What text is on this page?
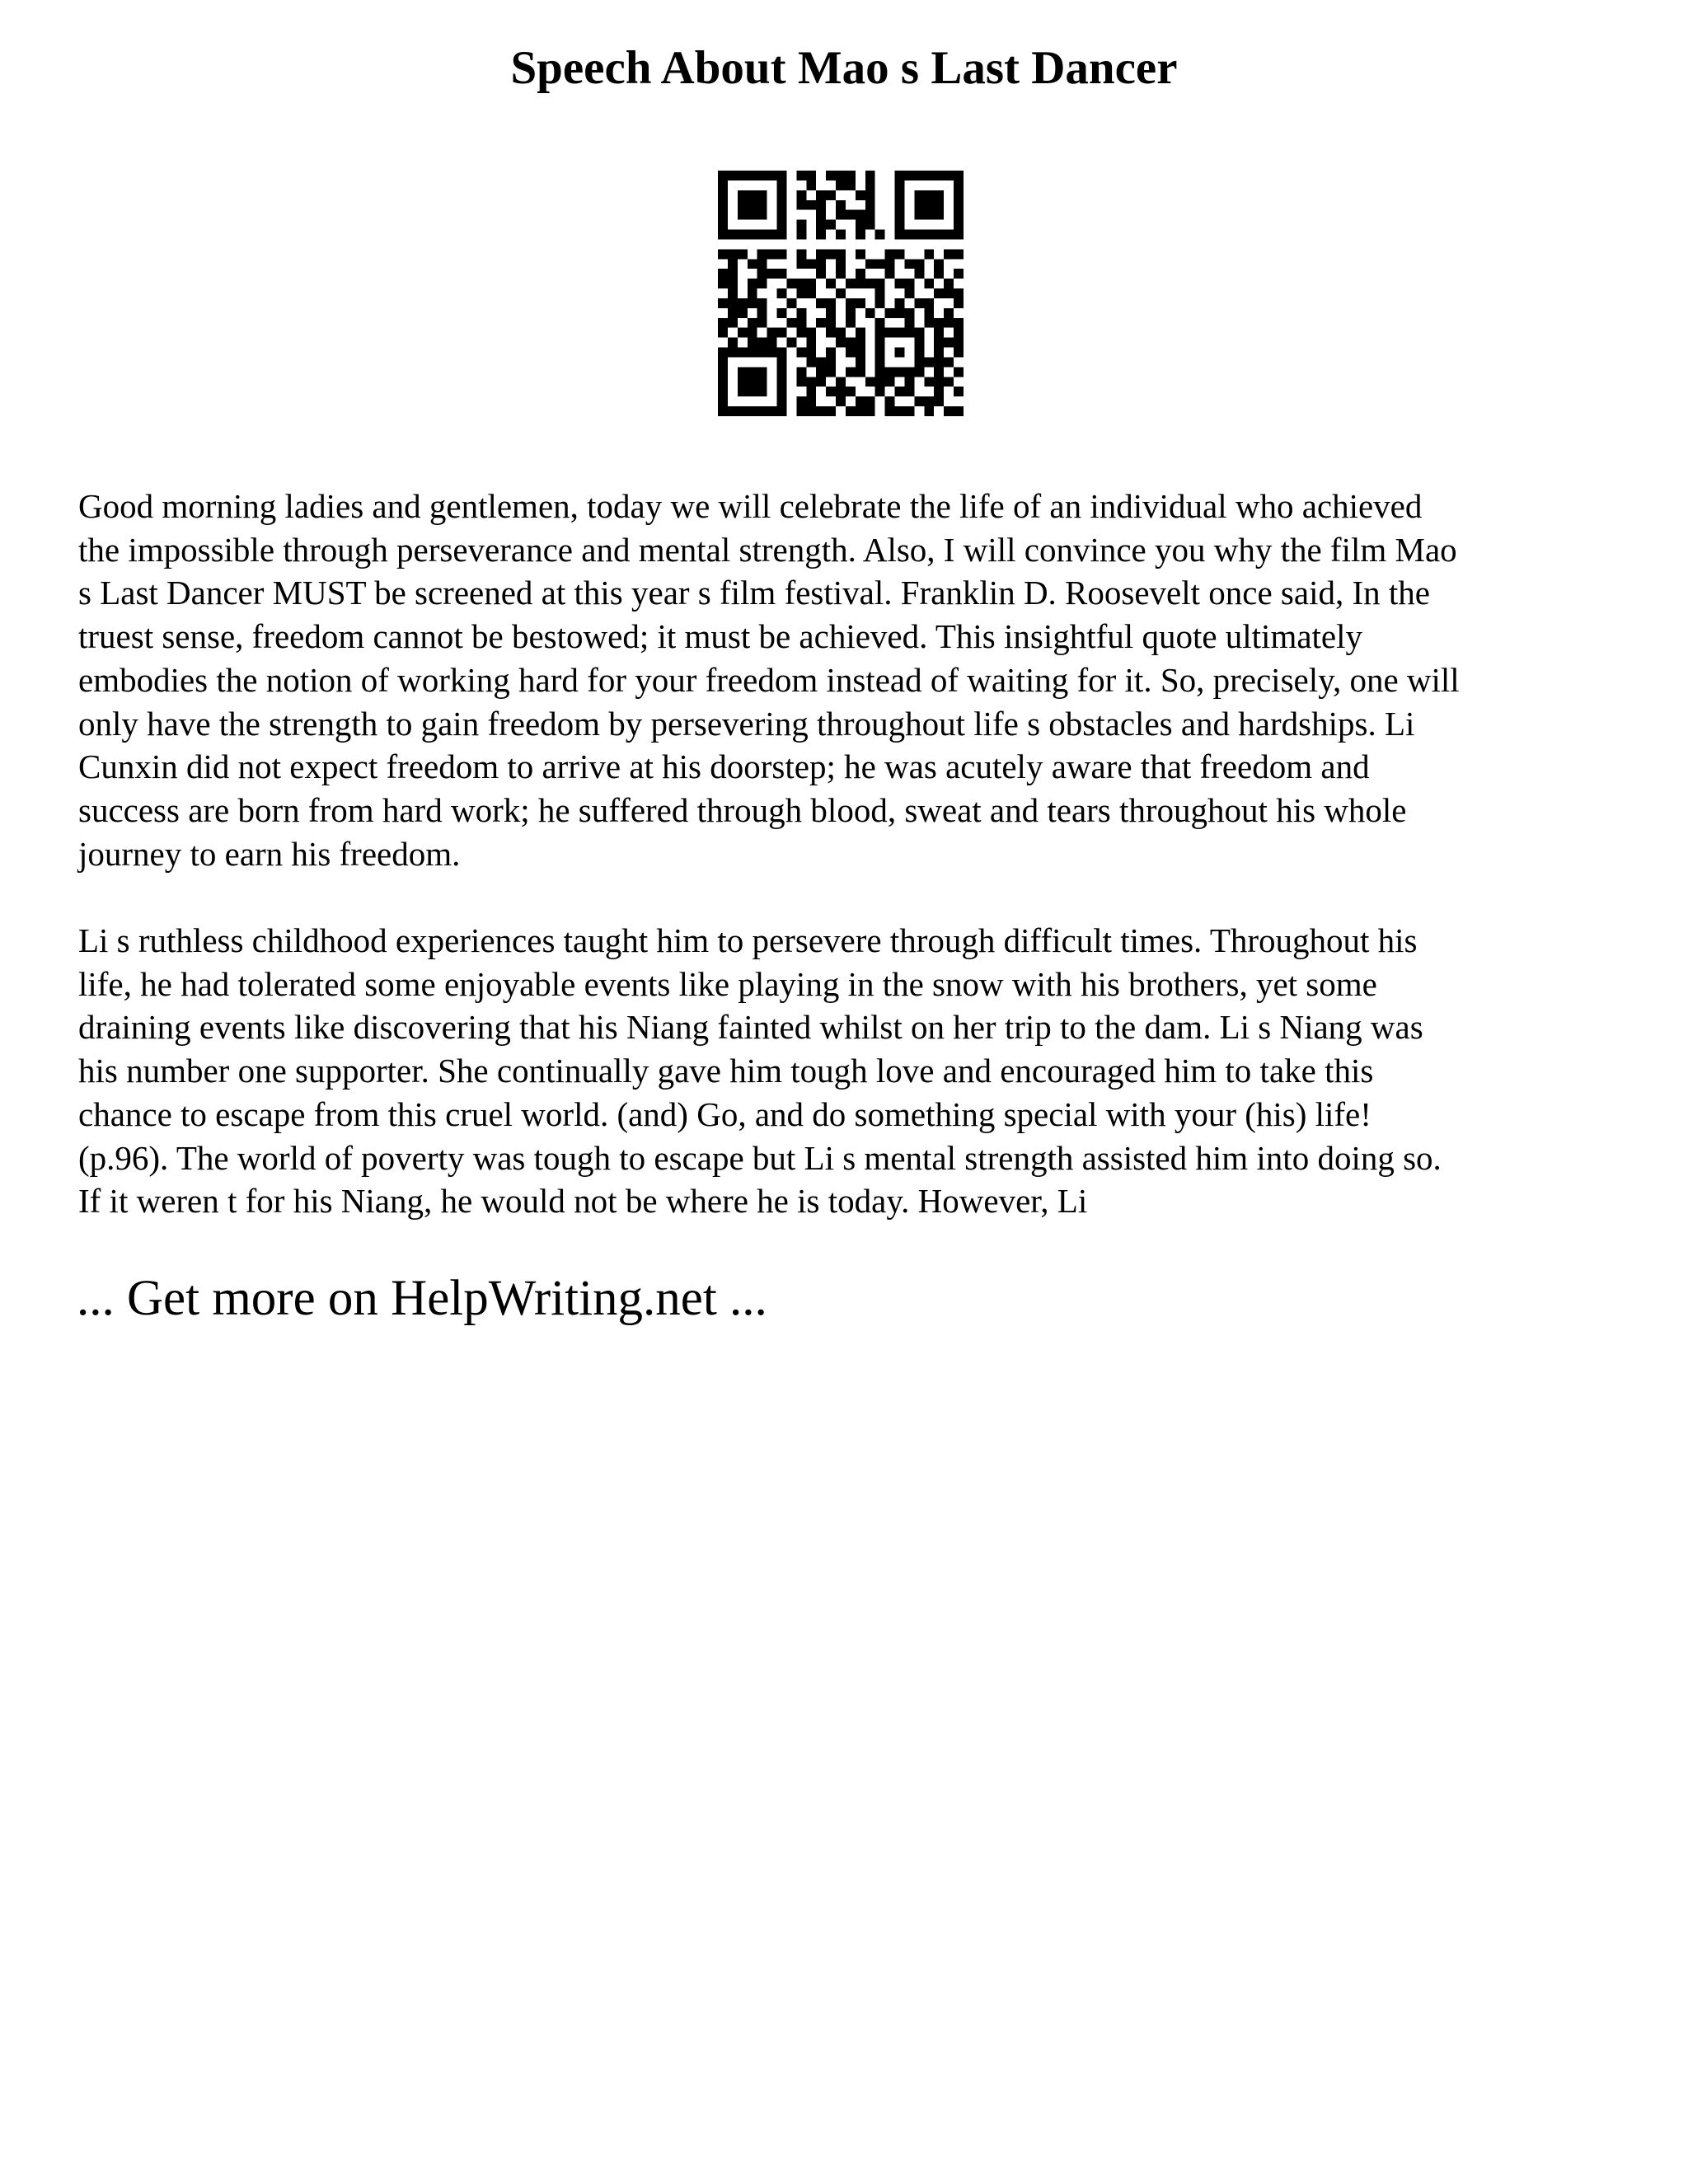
Speech About Mao s Last Dancer
Good morning ladies and gentlemen, today we will celebrate the life of an individual who achieved
the impossible through perseverance and mental strength. Also, I will convince you why the film Mao
s Last Dancer MUST be screened at this year s film festival. Franklin D. Roosevelt once said, In the
truest sense, freedom cannot be bestowed; it must be achieved. This insightful quote ultimately
embodies the notion of working hard for your freedom instead of waiting for it. So, precisely, one will
only have the strength to gain freedom by persevering throughout life s obstacles and hardships. Li
Cunxin did not expect freedom to arrive at his doorstep; he was acutely aware that freedom and
success are born from hard work; he suffered through blood, sweat and tears throughout his whole
journey to earn his freedom.
Li s ruthless childhood experiences taught him to persevere through difficult times. Throughout his
life, he had tolerated some enjoyable events like playing in the snow with his brothers, yet some
draining events like discovering that his Niang fainted whilst on her trip to the dam. Li s Niang was
his number one supporter. She continually gave him tough love and encouraged him to take this
chance to escape from this cruel world. (and) Go, and do something special with your (his) life!
(p.96). The world of poverty was tough to escape but Li s mental strength assisted him into doing so.
If it weren t for his Niang, he would not be where he is today. However, Li

... Get more on HelpWriting.net ...
